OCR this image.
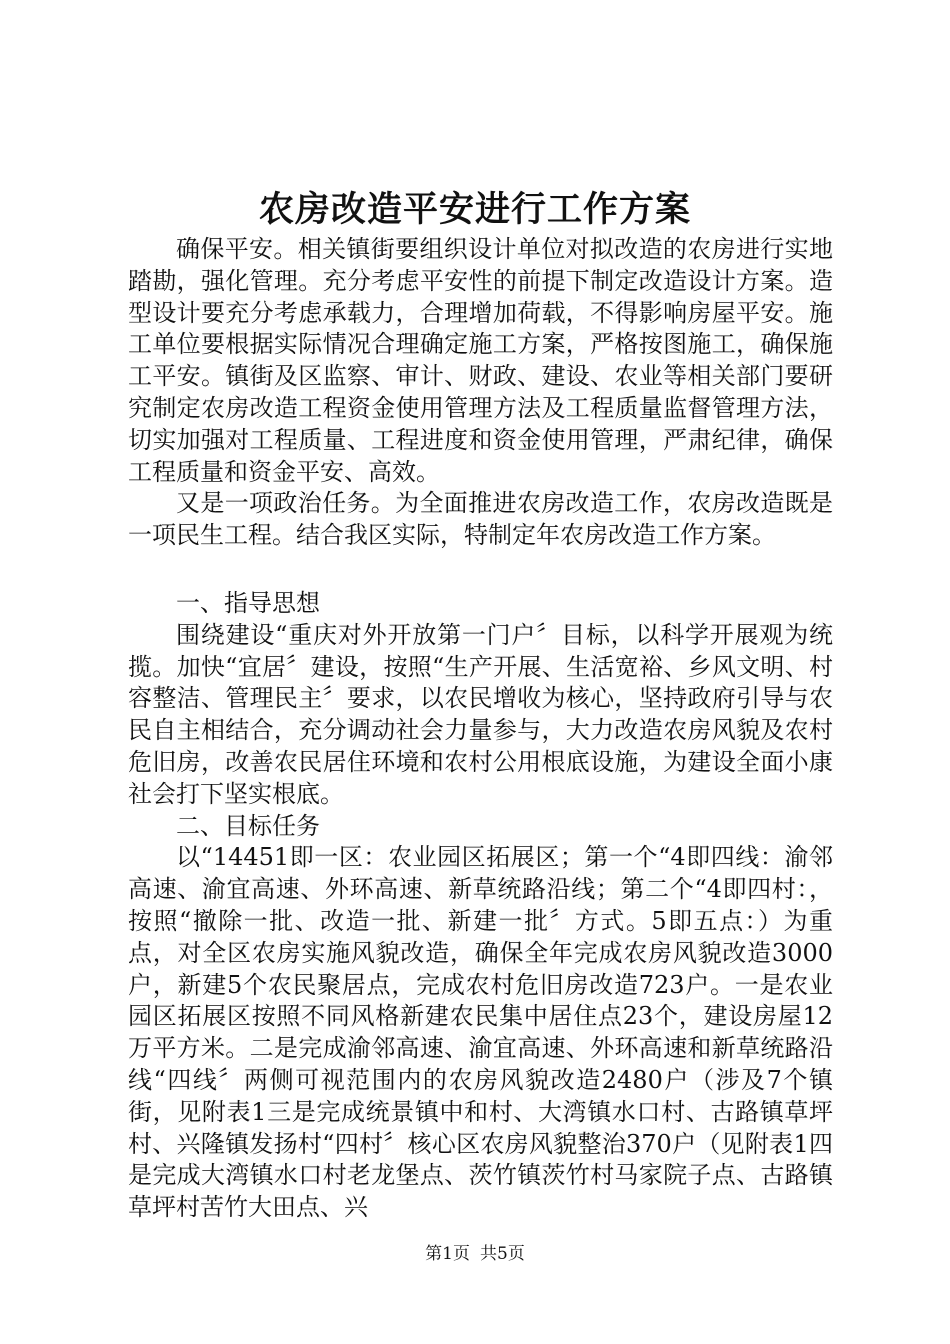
农房改造平安进行工作方案

确保平安。相关镇街要组织设计单位对拟改造的农房进行实地踏勘，强化管理。充分考虑平安性的前提下制定改造设计方案。造型设计要充分考虑承载力，合理增加荷载，不得影响房屋平安。施工单位要根据实际情况合理确定施工方案，严格按图施工，确保施工平安。镇街及区监察、审计、财政、建设、农业等相关部门要研究制定农房改造工程资金使用管理方法及工程质量监督管理方法，切实加强对工程质量、工程进度和资金使用管理，严肃纪律，确保工程质量和资金平安、高效。

又是一项政治任务。为全面推进农房改造工作，农房改造既是一项民生工程。结合我区实际，特制定年农房改造工作方案。

一、指导思想

围绕建设“重庆对外开放第一门户〞目标，以科学开展观为统揽。加快“宜居〞建设，按照“生产开展、生活宽裕、乡风文明、村容整洁、管理民主〞要求，以农民增收为核心，坚持政府引导与农民自主相结合，充分调动社会力量参与，大力改造农房风貌及农村危旧房，改善农民居住环境和农村公用根底设施，为建设全面小康社会打下坚实根底。

二、目标任务

以“14451即一区：农业园区拓展区；第一个“4即四线：渝邻高速、渝宜高速、外环高速、新草统路沿线；第二个“4即四村：，按照“撤除一批、改造一批、新建一批〞方式。5即五点：）为重点，对全区农房实施风貌改造，确保全年完成农房风貌改造3000户，新建5个农民聚居点，完成农村危旧房改造723户。一是农业园区拓展区按照不同风格新建农民集中居住点23个，建设房屋12万平方米。二是完成渝邻高速、渝宜高速、外环高速和新草统路沿线“四线〞两侧可视范围内的农房风貌改造2480户（涉及7个镇街，见附表1三是完成统景镇中和村、大湾镇水口村、古路镇草坪村、兴隆镇发扬村“四村〞核心区农房风貌整治370户（见附表1四是完成大湾镇水口村老龙堡点、茨竹镇茨竹村马家院子点、古路镇草坪村苦竹大田点、兴

第1页 共5页
